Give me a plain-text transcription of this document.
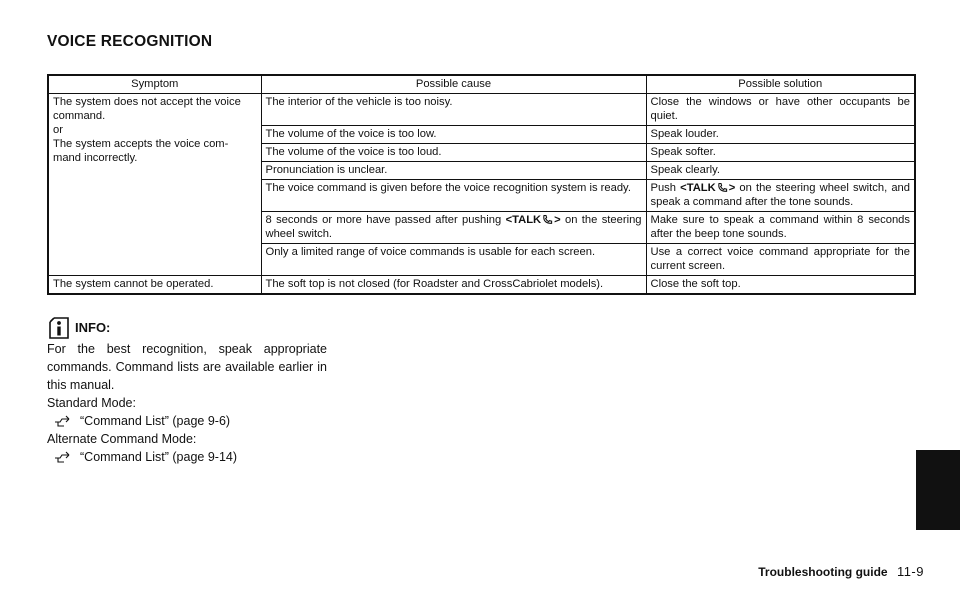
VOICE RECOGNITION
Symptom	Possible cause	Possible solution
The system does not accept the voice command.
or
The system accepts the voice com-
mand incorrectly.	The interior of the vehicle is too noisy.	Close the windows or have other occupants be quiet.
	The volume of the voice is too low.	Speak louder.
	The volume of the voice is too loud.	Speak softer.
	Pronunciation is unclear.	Speak clearly.
	The voice command is given before the voice recognition system is ready.	Push <TALK > on the steering wheel switch, and speak a command after the tone sounds.
	8 seconds or more have passed after pushing <TALK > on the steering wheel switch.	Make sure to speak a command within 8 seconds after the beep tone sounds.
	Only a limited range of voice commands is usable for each screen.	Use a correct voice command appropriate for the current screen.
The system cannot be operated.	The soft top is not closed (for Roadster and CrossCabriolet models).	Close the soft top.
INFO:

For the best recognition, speak appropriate commands. Command lists are available earlier in this manual.

Standard Mode:
“Command List” (page 9-6)
Alternate Command Mode:
“Command List” (page 9-14)
Troubleshooting guide 11-9
